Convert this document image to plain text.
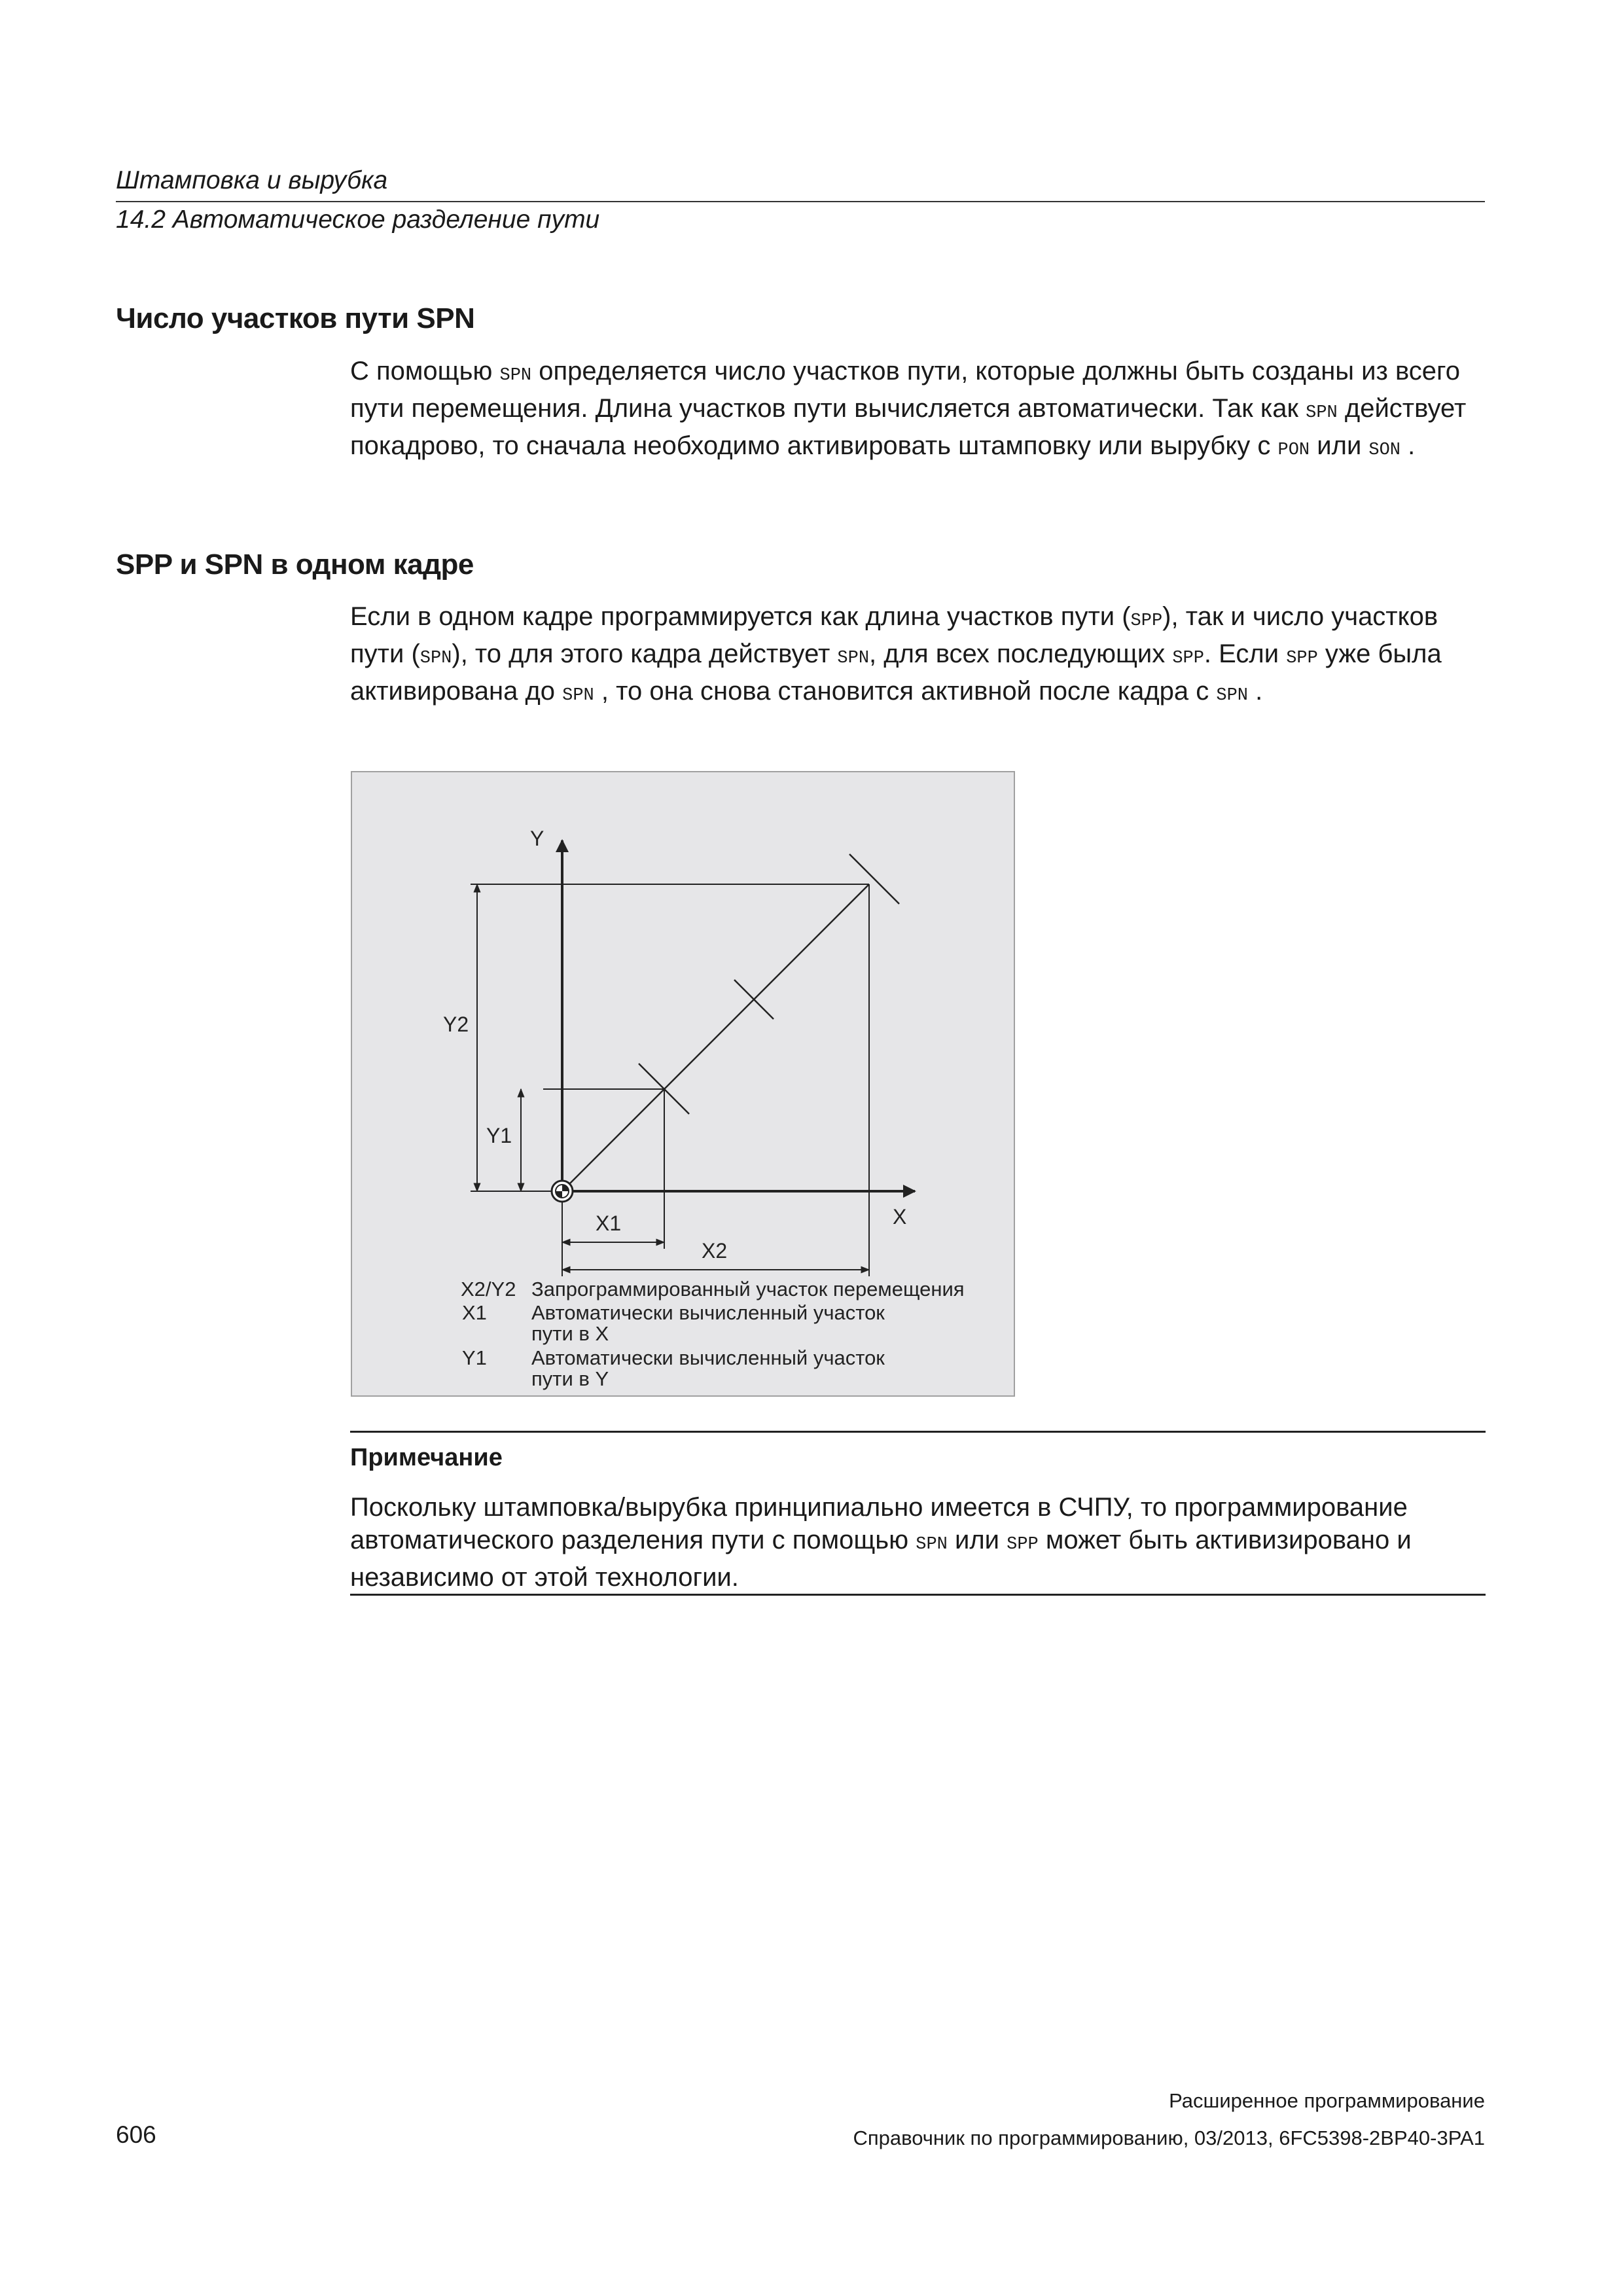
Штамповка и вырубка
14.2 Автоматическое разделение пути
Число участков пути SPN

С помощью SPN определяется число участков пути, которые должны быть созданы из всего пути перемещения. Длина участков пути вычисляется автоматически. Так как SPN действует покадрово, то сначала необходимо активировать штамповку или вырубку с PON или SON .

SPP и SPN в одном кадре

Если в одном кадре программируется как длина участков пути (SPP), так и число участков пути (SPN), то для этого кадра действует SPN, для всех последующих SPP. Если SPP уже была активирована до SPN , то она снова становится активной после кадра с SPN .

Y
X
Y2
Y1
X1
X2
X2/Y2 Запрограммированный участок перемещения
X1 Автоматически вычисленный участок
пути в X
Y1 Автоматически вычисленный участок
пути в Y
Примечание

Поскольку штамповка/вырубка принципиально имеется в СЧПУ, то программирование автоматического разделения пути с помощью SPN или SPP может быть активизировано и независимо от этой технологии.

Расширенное программирование
606	Справочник по программированию, 03/2013, 6FC5398-2BP40-3PA1
